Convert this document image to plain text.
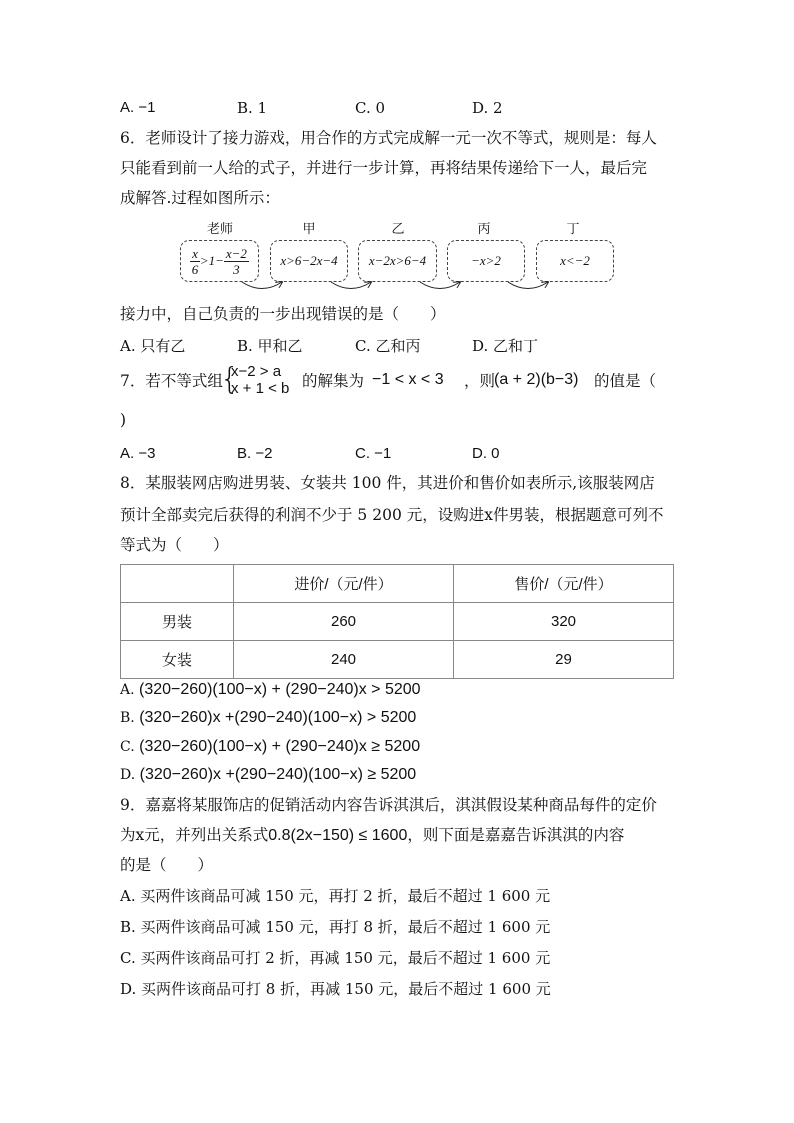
A. −1	B. 1	C. 0	D. 2
6．老师设计了接力游戏，用合作的方式完成解一元一次不等式，规则是：每人
只能看到前一人给的式子，并进行一步计算，再将结果传递给下一人，最后完
成解答.过程如图所示：
老师	甲	乙	丙	丁
$\frac{x}{6} >1- \frac{x-2}{3} x>6-2x-4$ x−2x>6−4	−x>2	x<−2
接力中，自己负责的一步出现错误的是（　　）
A. 只有乙	B. 甲和乙	C. 乙和丙	D. 乙和丁
7．若不等式组
{
x−2 > a
x + 1 < b 的解集为 −1 < x < 3 ，则
(a + 2)(b−3) 的值是（
)
A. −3	B. −2	C. −1	D. 0
8．某服装网店购进男装、女装共 100 件，其进价和售价如表所示,该服装网店
预计全部卖完后获得的利润不少于 5 200 元，设购进x件男装，根据题意可列不
等式为（　　）
	进价/（元/件）	售价/（元/件）
男装	260	320
女装	240	29
A. (320−260)(100−x) + (290−240)x > 5200
B. (320−260)x +(290−240)(100−x) > 5200
C. (320−260)(100−x) + (290−240)x ≥ 5200
D. (320−260)x +(290−240)(100−x) ≥ 5200
9．嘉嘉将某服饰店的促销活动内容告诉淇淇后，淇淇假设某种商品每件的定价
为x元，并列出关系式0.8(2x−150) ≤ 1600，则下面是嘉嘉告诉淇淇的内容
的是（　　）
A. 买两件该商品可减 150 元，再打 2 折，最后不超过 1 600 元
B. 买两件该商品可减 150 元，再打 8 折，最后不超过 1 600 元
C. 买两件该商品可打 2 折，再减 150 元，最后不超过 1 600 元
D. 买两件该商品可打 8 折，再减 150 元，最后不超过 1 600 元
